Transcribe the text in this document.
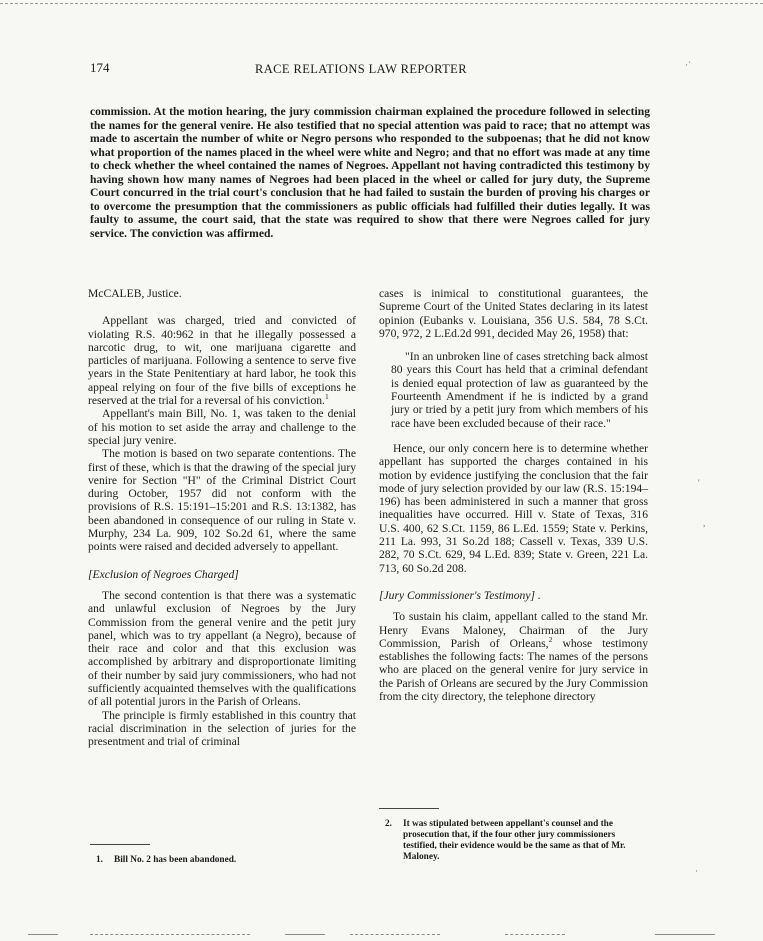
174	RACE RELATIONS LAW REPORTER	·˙

commission. At the motion hearing, the jury commission chairman explained the procedure followed in selecting the names for the general venire. He also testified that no special attention was paid to race; that no attempt was made to ascertain the number of white or Negro persons who responded to the subpoenas; that he did not know what proportion of the names placed in the wheel were white and Negro; and that no effort was made at any time to check whether the wheel contained the names of Negroes. Appellant not having contradicted this testimony by having shown how many names of Negroes had been placed in the wheel or called for jury duty, the Supreme Court concurred in the trial court's conclusion that he had failed to sustain the burden of proving his charges or to overcome the presumption that the commissioners as public officials had fulfilled their duties legally. It was faulty to assume, the court said, that the state was required to show that there were Negroes called for jury service. The conviction was affirmed.

McCALEB, Justice.

Appellant was charged, tried and convicted of violating R.S. 40:962 in that he illegally possessed a narcotic drug, to wit, one marijuana cigarette and particles of marijuana. Following a sentence to serve five years in the State Penitentiary at hard labor, he took this appeal relying on four of the five bills of exceptions he reserved at the trial for a reversal of his conviction.$^1$

Appellant's main Bill, No. 1, was taken to the denial of his motion to set aside the array and challenge to the special jury venire.

The motion is based on two separate contentions. The first of these, which is that the drawing of the special jury venire for Section "H" of the Criminal District Court during October, 1957 did not conform with the provisions of R.S. 15:191–15:201 and R.S. 13:1382, has been abandoned in consequence of our ruling in State v. Murphy, 234 La. 909, 102 So.2d 61, where the same points were raised and decided adversely to appellant.

[Exclusion of Negroes Charged]

The second contention is that there was a systematic and unlawful exclusion of Negroes by the Jury Commission from the general venire and the petit jury panel, which was to try appellant (a Negro), because of their race and color and that this exclusion was accomplished by arbitrary and disproportionate limiting of their number by said jury commissioners, who had not sufficiently acquainted themselves with the qualifications of all potential jurors in the Parish of Orleans.

The principle is firmly established in this country that racial discrimination in the selection of juries for the presentment and trial of criminal

cases is inimical to constitutional guarantees, the Supreme Court of the United States declaring in its latest opinion (Eubanks v. Louisiana, 356 U.S. 584, 78 S.Ct. 970, 972, 2 L.Ed.2d 991, decided May 26, 1958) that:

"In an unbroken line of cases stretching back almost 80 years this Court has held that a criminal defendant is denied equal protection of law as guaranteed by the Fourteenth Amendment if he is indicted by a grand jury or tried by a petit jury from which members of his race have been excluded because of their race."

Hence, our only concern here is to determine whether appellant has supported the charges contained in his motion by evidence justifying the conclusion that the fair mode of jury selection provided by our law (R.S. 15:194–196) has been administered in such a manner that gross inequalities have occurred. Hill v. State of Texas, 316 U.S. 400, 62 S.Ct. 1159, 86 L.Ed. 1559; State v. Perkins, 211 La. 993, 31 So.2d 188; Cassell v. Texas, 339 U.S. 282, 70 S.Ct. 629, 94 L.Ed. 839; State v. Green, 221 La. 713, 60 So.2d 208.

[Jury Commissioner's Testimony] .

To sustain his claim, appellant called to the stand Mr. Henry Evans Maloney, Chairman of the Jury Commission, Parish of Orleans,$^2$ whose testimony establishes the following facts: The names of the persons who are placed on the general venire for jury service in the Parish of Orleans are secured by the Jury Commission from the city directory, the telephone directory

1.	Bill No. 2 has been abandoned.
2.	It was stipulated between appellant's counsel and the prosecution that, if the four other jury commissioners testified, their evidence would be the same as that of Mr. Maloney.
'
,
·
